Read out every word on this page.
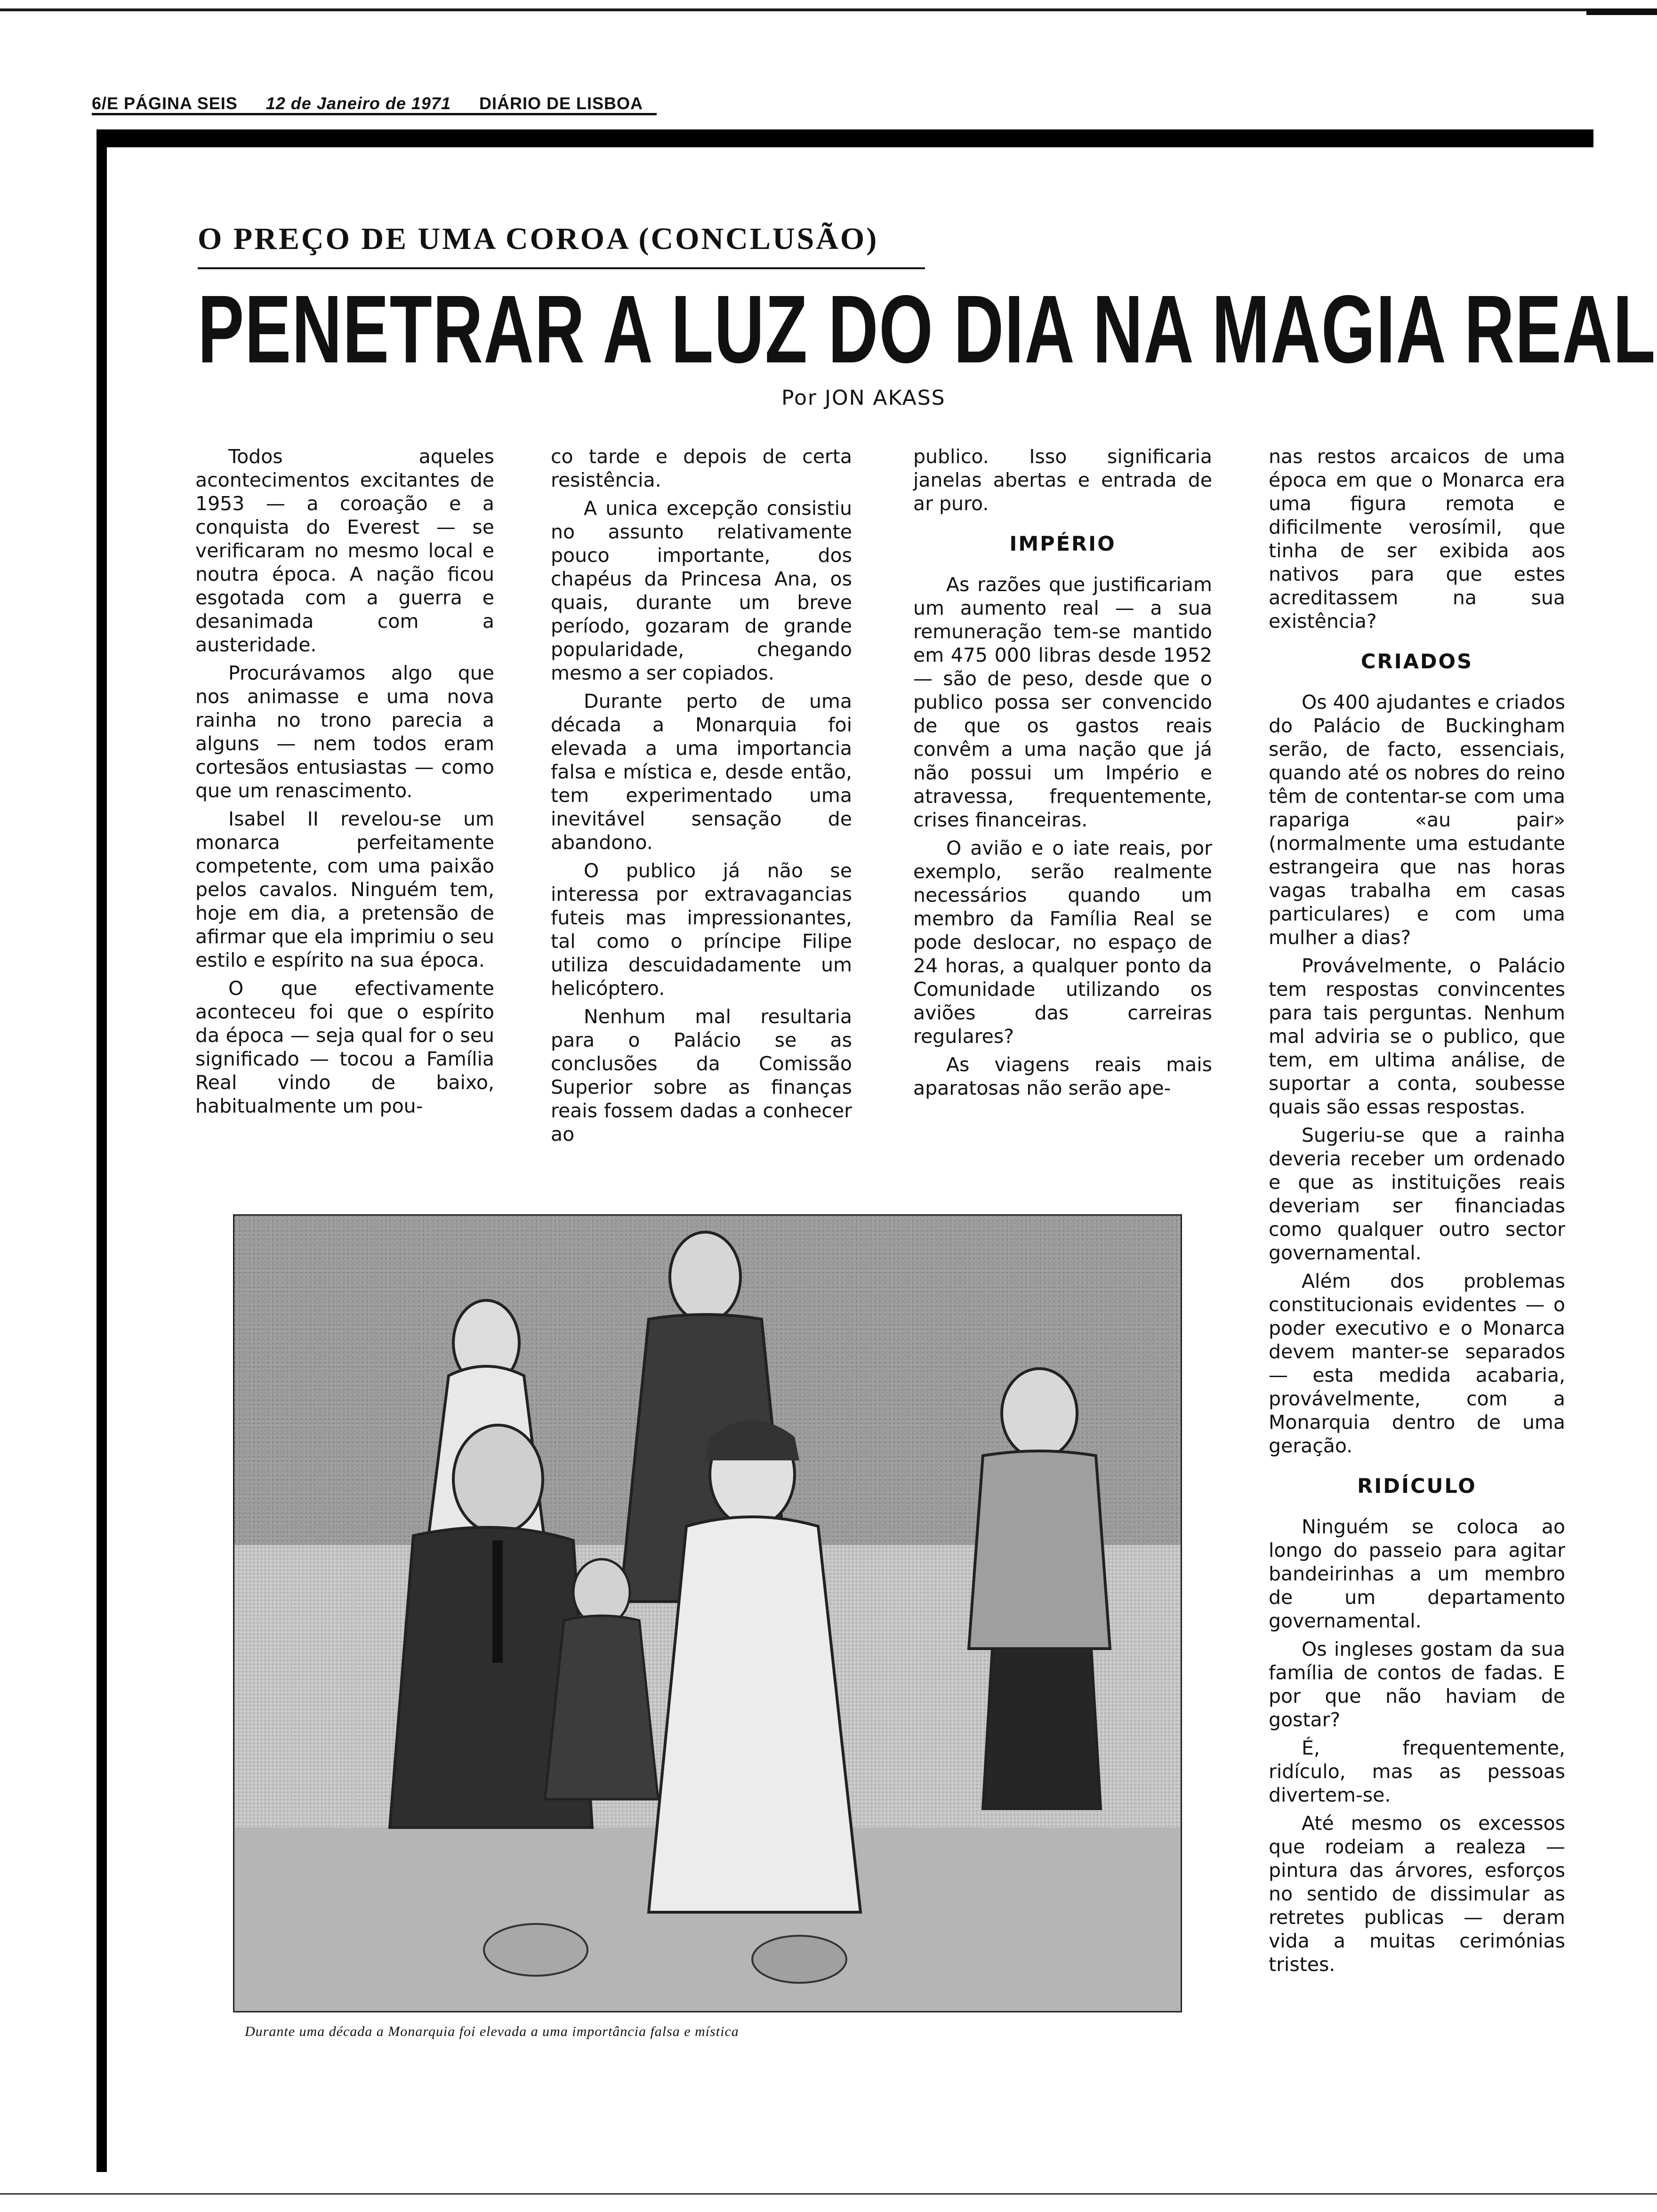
6/E PÁGINA SEIS 12 de Janeiro de 1971 DIÁRIO DE LISBOA
O PREÇO DE UMA COROA (CONCLUSÃO)
PENETRAR A LUZ DO DIA NA MAGIA REAL
Por JON AKASS

Todos aqueles acontecimentos excitantes de 1953 — a coroação e a conquista do Everest — se verificaram no mesmo local e noutra época. A nação ficou esgotada com a guerra e desanimada com a austeridade.

Procurávamos algo que nos animasse e uma nova rainha no trono parecia a alguns — nem todos eram cortesãos entusiastas — como que um renascimento.

Isabel II revelou-se um monarca perfeitamente competente, com uma paixão pelos cavalos. Ninguém tem, hoje em dia, a pretensão de afirmar que ela imprimiu o seu estilo e espírito na sua época.

O que efectivamente aconteceu foi que o espírito da época — seja qual for o seu significado — tocou a Família Real vindo de baixo, habitualmente um pou-

co tarde e depois de certa resistência.

A unica excepção consistiu no assunto relativamente pouco importante, dos chapéus da Princesa Ana, os quais, durante um breve período, gozaram de grande popularidade, chegando mesmo a ser copiados.

Durante perto de uma década a Monarquia foi elevada a uma importancia falsa e mística e, desde então, tem experimentado uma inevitável sensação de abandono.

O publico já não se interessa por extravagancias futeis mas impressionantes, tal como o príncipe Filipe utiliza descuidadamente um helicóptero.

Nenhum mal resultaria para o Palácio se as conclusões da Comissão Superior sobre as finanças reais fossem dadas a conhecer ao

publico. Isso significaria janelas abertas e entrada de ar puro.

IMPÉRIO

As razões que justificariam um aumento real — a sua remuneração tem-se mantido em 475 000 libras desde 1952 — são de peso, desde que o publico possa ser convencido de que os gastos reais convêm a uma nação que já não possui um Império e atravessa, frequentemente, crises financeiras.

O avião e o iate reais, por exemplo, serão realmente necessários quando um membro da Família Real se pode deslocar, no espaço de 24 horas, a qualquer ponto da Comunidade utilizando os aviões das carreiras regulares?

As viagens reais mais aparatosas não serão ape-

nas restos arcaicos de uma época em que o Monarca era uma figura remota e dificilmente verosímil, que tinha de ser exibida aos nativos para que estes acreditassem na sua existência?

CRIADOS

Os 400 ajudantes e criados do Palácio de Buckingham serão, de facto, essenciais, quando até os nobres do reino têm de contentar-se com uma rapariga «au pair» (normalmente uma estudante estrangeira que nas horas vagas trabalha em casas particulares) e com uma mulher a dias?

Provávelmente, o Palácio tem respostas convincentes para tais perguntas. Nenhum mal adviria se o publico, que tem, em ultima análise, de suportar a conta, soubesse quais são essas respostas.

Sugeriu-se que a rainha deveria receber um ordenado e que as instituições reais deveriam ser financiadas como qualquer outro sector governamental.

Além dos problemas constitucionais evidentes — o poder executivo e o Monarca devem manter-se separados — esta medida acabaria, provávelmente, com a Monarquia dentro de uma geração.

RIDÍCULO

Ninguém se coloca ao longo do passeio para agitar bandeirinhas a um membro de um departamento governamental.

Os ingleses gostam da sua família de contos de fadas. E por que não haviam de gostar?

É, frequentemente, ridículo, mas as pessoas divertem-se.

Até mesmo os excessos que rodeiam a realeza — pintura das árvores, esforços no sentido de dissimular as retretes publicas — deram vida a muitas cerimónias tristes.

Durante uma década a Monarquia foi elevada a uma importância falsa e mística
